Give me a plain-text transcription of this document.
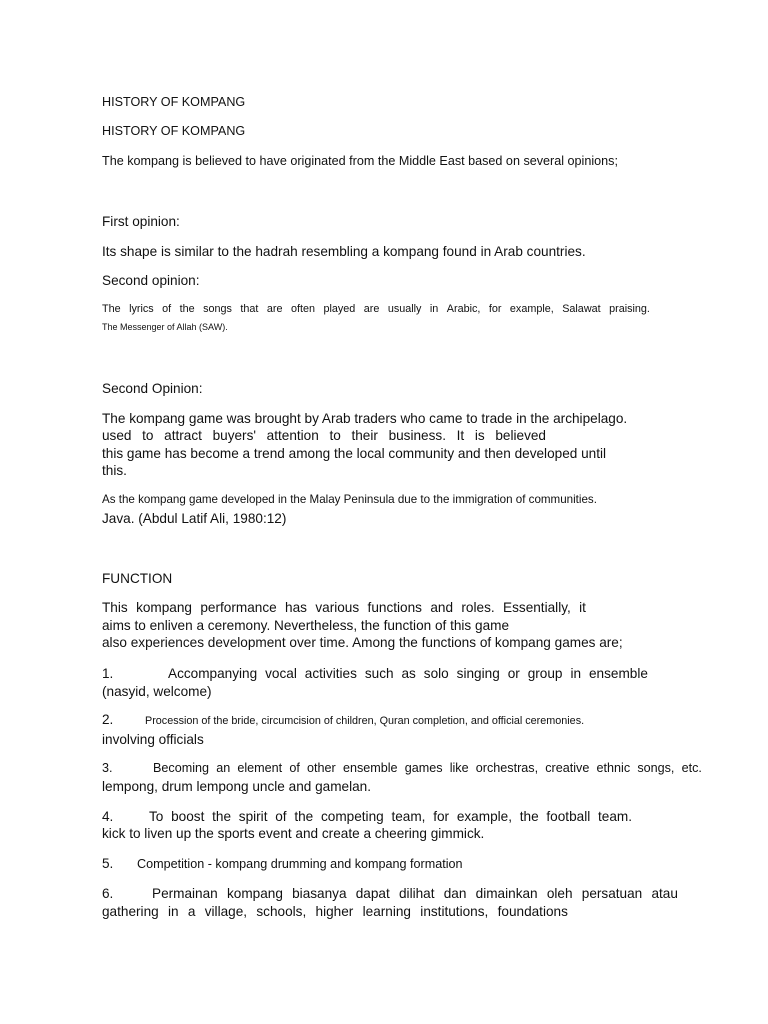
HISTORY OF KOMPANG

HISTORY OF KOMPANG

The kompang is believed to have originated from the Middle East based on several opinions;

First opinion:

Its shape is similar to the hadrah resembling a kompang found in Arab countries.

Second opinion:

The lyrics of the songs that are often played are usually in Arabic, for example, Salawat praising.

The Messenger of Allah (SAW).

Second Opinion:

The kompang game was brought by Arab traders who came to trade in the archipelago.

used to attract buyers' attention to their business. It is believed

this game has become a trend among the local community and then developed until

this.

As the kompang game developed in the Malay Peninsula due to the immigration of communities.

Java. (Abdul Latif Ali, 1980:12)

FUNCTION

This kompang performance has various functions and roles. Essentially, it

aims to enliven a ceremony. Nevertheless, the function of this game

also experiences development over time. Among the functions of kompang games are;

1.	Accompanying vocal activities such as solo singing or group in ensemble

(nasyid, welcome)

2.	Procession of the bride, circumcision of children, Quran completion, and official ceremonies.

involving officials

3.	Becoming an element of other ensemble games like orchestras, creative ethnic songs, etc.

lempong, drum lempong uncle and gamelan.

4.	To boost the spirit of the competing team, for example, the football team.

kick to liven up the sports event and create a cheering gimmick.

5.	Competition - kompang drumming and kompang formation
6.	Permainan kompang biasanya dapat dilihat dan dimainkan oleh persatuan atau
gathering in a village, schools, higher learning institutions, foundations
